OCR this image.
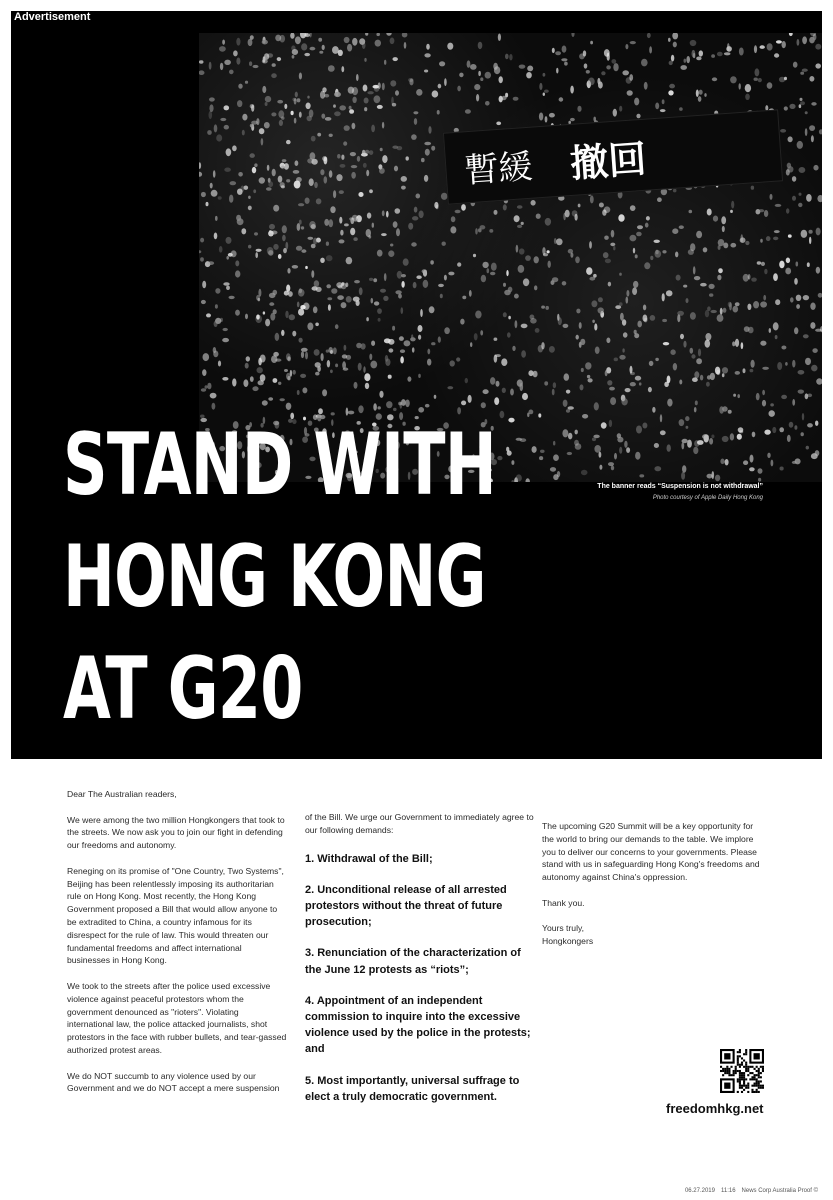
Advertisement
暫緩 撤回
STAND WITH
HONG KONG
AT G20
The banner reads “Suspension is not withdrawal”
Photo courtesy of Apple Daily Hong Kong

Dear The Australian readers,

We were among the two million Hongkongers that took to the streets. We now ask you to join our fight in defending our freedoms and autonomy.

Reneging on its promise of "One Country, Two Systems", Beijing has been relentlessly imposing its authoritarian rule on Hong Kong. Most recently, the Hong Kong Government proposed a Bill that would allow anyone to be extradited to China, a country infamous for its disrespect for the rule of law. This would threaten our fundamental freedoms and affect international businesses in Hong Kong.

We took to the streets after the police used excessive violence against peaceful protestors whom the government denounced as "rioters". Violating international law, the police attacked journalists, shot protestors in the face with rubber bullets, and tear-gassed authorized protest areas.

We do NOT succumb to any violence used by our Government and we do NOT accept a mere suspension

of the Bill. We urge our Government to immediately agree to our following demands:

1. Withdrawal of the Bill;

2. Unconditional release of all arrested protestors without the threat of future prosecution;

3. Renunciation of the characterization of the June 12 protests as “riots”;

4. Appointment of an independent commission to inquire into the excessive violence used by the police in the protests; and

5. Most importantly, universal suffrage to elect a truly democratic government.

The upcoming G20 Summit will be a key opportunity for the world to bring our demands to the table. We implore you to deliver our concerns to your governments. Please stand with us in safeguarding Hong Kong's freedoms and autonomy against China's oppression.

Thank you.

Yours truly,
Hongkongers
freedomhkg.net
06.27.2019 11:16 News Corp Australia Proof ©
